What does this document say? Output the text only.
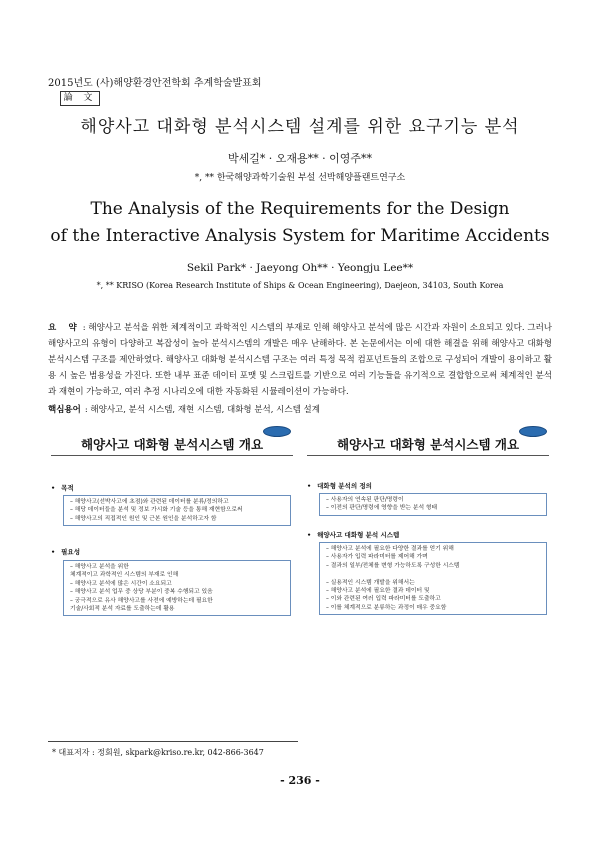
2015년도 (사)해양환경안전학회 추계학술발표회
論 文
해양사고 대화형 분석시스템 설계를 위한 요구기능 분석
박세길* · 오재용** · 이영주**
*, ** 한국해양과학기술원 부설 선박해양플랜트연구소
The Analysis of the Requirements for the Design
of the Interactive Analysis System for Maritime Accidents
Sekil Park* · Jaeyong Oh** · Yeongju Lee**
*, ** KRISO (Korea Research Institute of Ships & Ocean Engineering), Daejeon, 34103, South Korea
요    약 : 해양사고 분석을 위한 체계적이고 과학적인 시스템의 부재로 인해 해양사고 분석에 많은 시간과 자원이 소요되고 있다. 그러나 해양사고의 유형이 다양하고 복잡성이 높아 분석시스템의 개발은 매우 난해하다. 본 논문에서는 이에 대한 해결을 위해 해양사고 대화형 분석시스템 구조를 제안하였다. 해양사고 대화형 분석시스템 구조는 여러 특정 목적 컴포넌트들의 조합으로 구성되어 개발이 용이하고 활용 시 높은 범용성을 가진다. 또한 내부 표준 데이터 포맷 및 스크립트를 기반으로 여러 기능들을 유기적으로 결합함으로써 체계적인 분석과 재현이 가능하고, 여러 추정 시나리오에 대한 자동화된 시뮬레이션이 가능하다.
핵심용어 : 해양사고, 분석 시스템, 재현 시스템, 대화형 분석, 시스템 설계
해양사고 대화형 분석시스템 개요
• 목적
– 해양사고(선박사고에 초점)와 관련된 데이터를 분류/정의하고
– 해당 데이터들을 분석 및 정보 가시화 기술 등을 통해 재현함으로써
– 해양사고의 직접적인 원인 및 근본 원인을 분석하고자 함
• 필요성
– 해양사고 분석을 위한
체계적이고 과학적인 시스템의 부재로 인해
– 해양사고 분석에 많은 시간이 소요되고
– 해양사고 분석 업무 중 상당 부분이 중복 수행되고 있음
– 궁극적으로 유사 해양사고를 사전에 예방하는데 필요한
기술/사회적 분석 자료를 도출하는데 활용
해양사고 대화형 분석시스템 개요
• 대화형 분석의 정의
– 사용자의 연속된 판단/명령이
– 이전의 판단/명령에 영향을 받는 분석 형태
• 해양사고 대화형 분석 시스템
– 해양사고 분석에 필요한 다양한 결과를 얻기 위해
– 사용자가 입력 파라미터를 제어해 가며
– 결과의 일부/전체를 변형 가능하도록 구성한 시스템

– 실용적인 시스템 개발을 위해서는
– 해양사고 분석에 필요한 결과 데이터 및
– 이와 관련된 여러 입력 파라미터를 도출하고
– 이를 체계적으로 분류하는 과정이 매우 중요함
* 대표저자 : 정회원, skpark@kriso.re.kr, 042-866-3647
- 236 -
